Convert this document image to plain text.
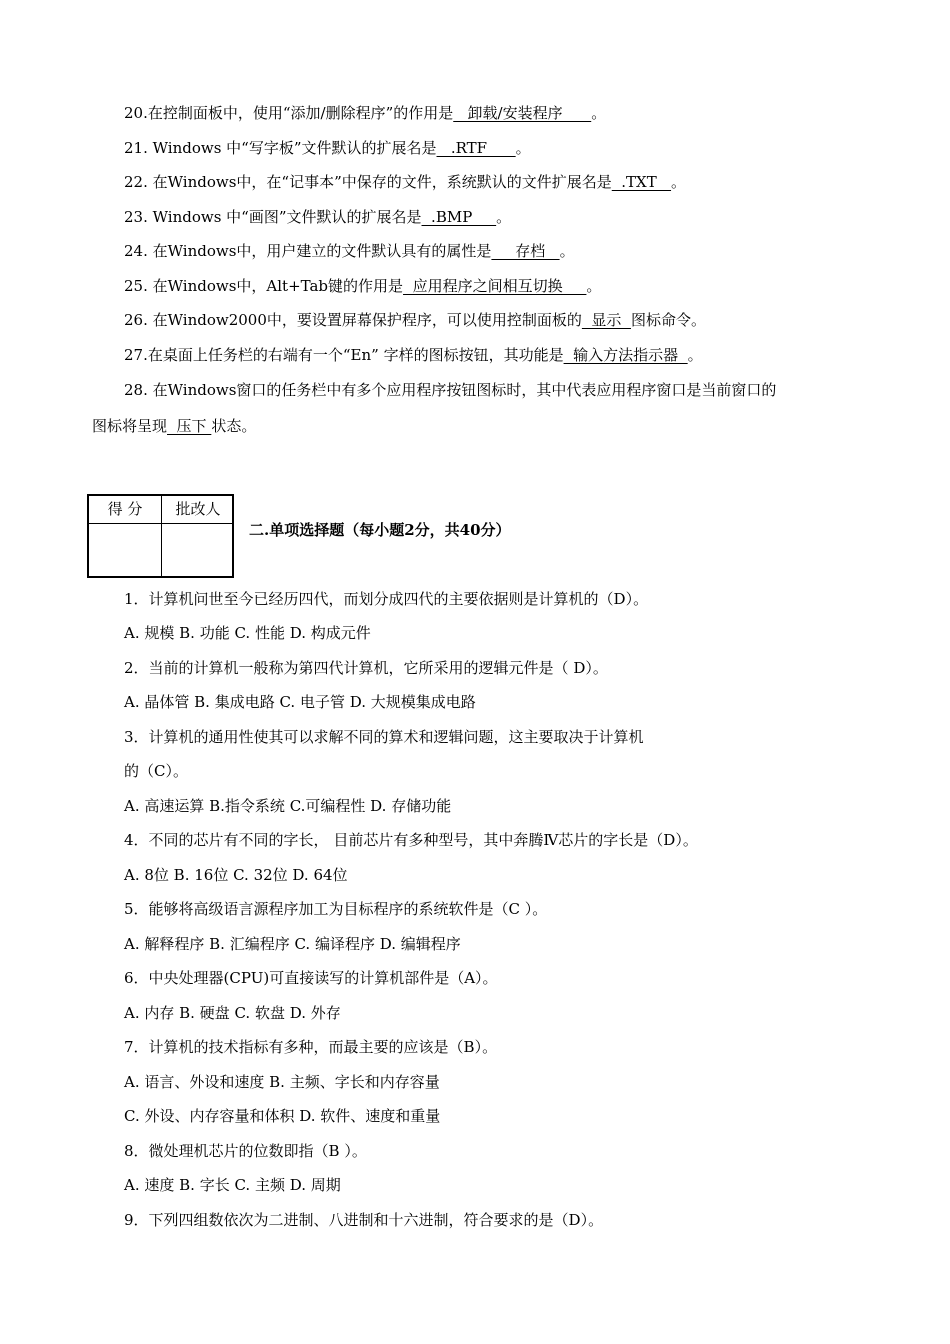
20.在控制面板中，使用“添加/删除程序”的作用是   卸载/安装程序      。
21. Windows 中“写字板”文件默认的扩展名是   .RTF      。
22. 在Windows中，在“记事本”中保存的文件，系统默认的文件扩展名是  .TXT   。
23. Windows 中“画图”文件默认的扩展名是  .BMP     。
24. 在Windows中，用户建立的文件默认具有的属性是     存档   。
25. 在Windows中，Alt+Tab键的作用是  应用程序之间相互切换     。
26. 在Window2000中，要设置屏幕保护程序，可以使用控制面板的  显示  图标命令。
27.在桌面上任务栏的右端有一个“En” 字样的图标按钮，其功能是  输入方法指示器  。
28. 在Windows窗口的任务栏中有多个应用程序按钮图标时，其中代表应用程序窗口是当前窗口的
图标将呈现  压下 状态。
得 分	批改人
二.单项选择题（每小题2分，共40分）
1．计算机问世至今已经历四代，而划分成四代的主要依据则是计算机的（D）。
A. 规模 B. 功能 C. 性能 D. 构成元件
2．当前的计算机一般称为第四代计算机，它所采用的逻辑元件是（ D）。
A. 晶体管 B. 集成电路 C. 电子管 D. 大规模集成电路
3．计算机的通用性使其可以求解不同的算术和逻辑问题，这主要取决于计算机
的（C）。
A. 高速运算 B.指令系统 C.可编程性 D. 存储功能
4．不同的芯片有不同的字长， 目前芯片有多种型号，其中奔腾Ⅳ芯片的字长是（D）。
A. 8位 B. 16位 C. 32位 D. 64位
5．能够将高级语言源程序加工为目标程序的系统软件是（C ）。
A. 解释程序 B. 汇编程序 C. 编译程序 D. 编辑程序
6．中央处理器(CPU)可直接读写的计算机部件是（A）。
A. 内存 B. 硬盘 C. 软盘 D. 外存
7．计算机的技术指标有多种，而最主要的应该是（B）。
A. 语言、外设和速度 B. 主频、字长和内存容量
C. 外设、内存容量和体积 D. 软件、速度和重量
8．微处理机芯片的位数即指（B ）。
A. 速度 B. 字长 C. 主频 D. 周期
9．下列四组数依次为二进制、八进制和十六进制，符合要求的是（D）。
